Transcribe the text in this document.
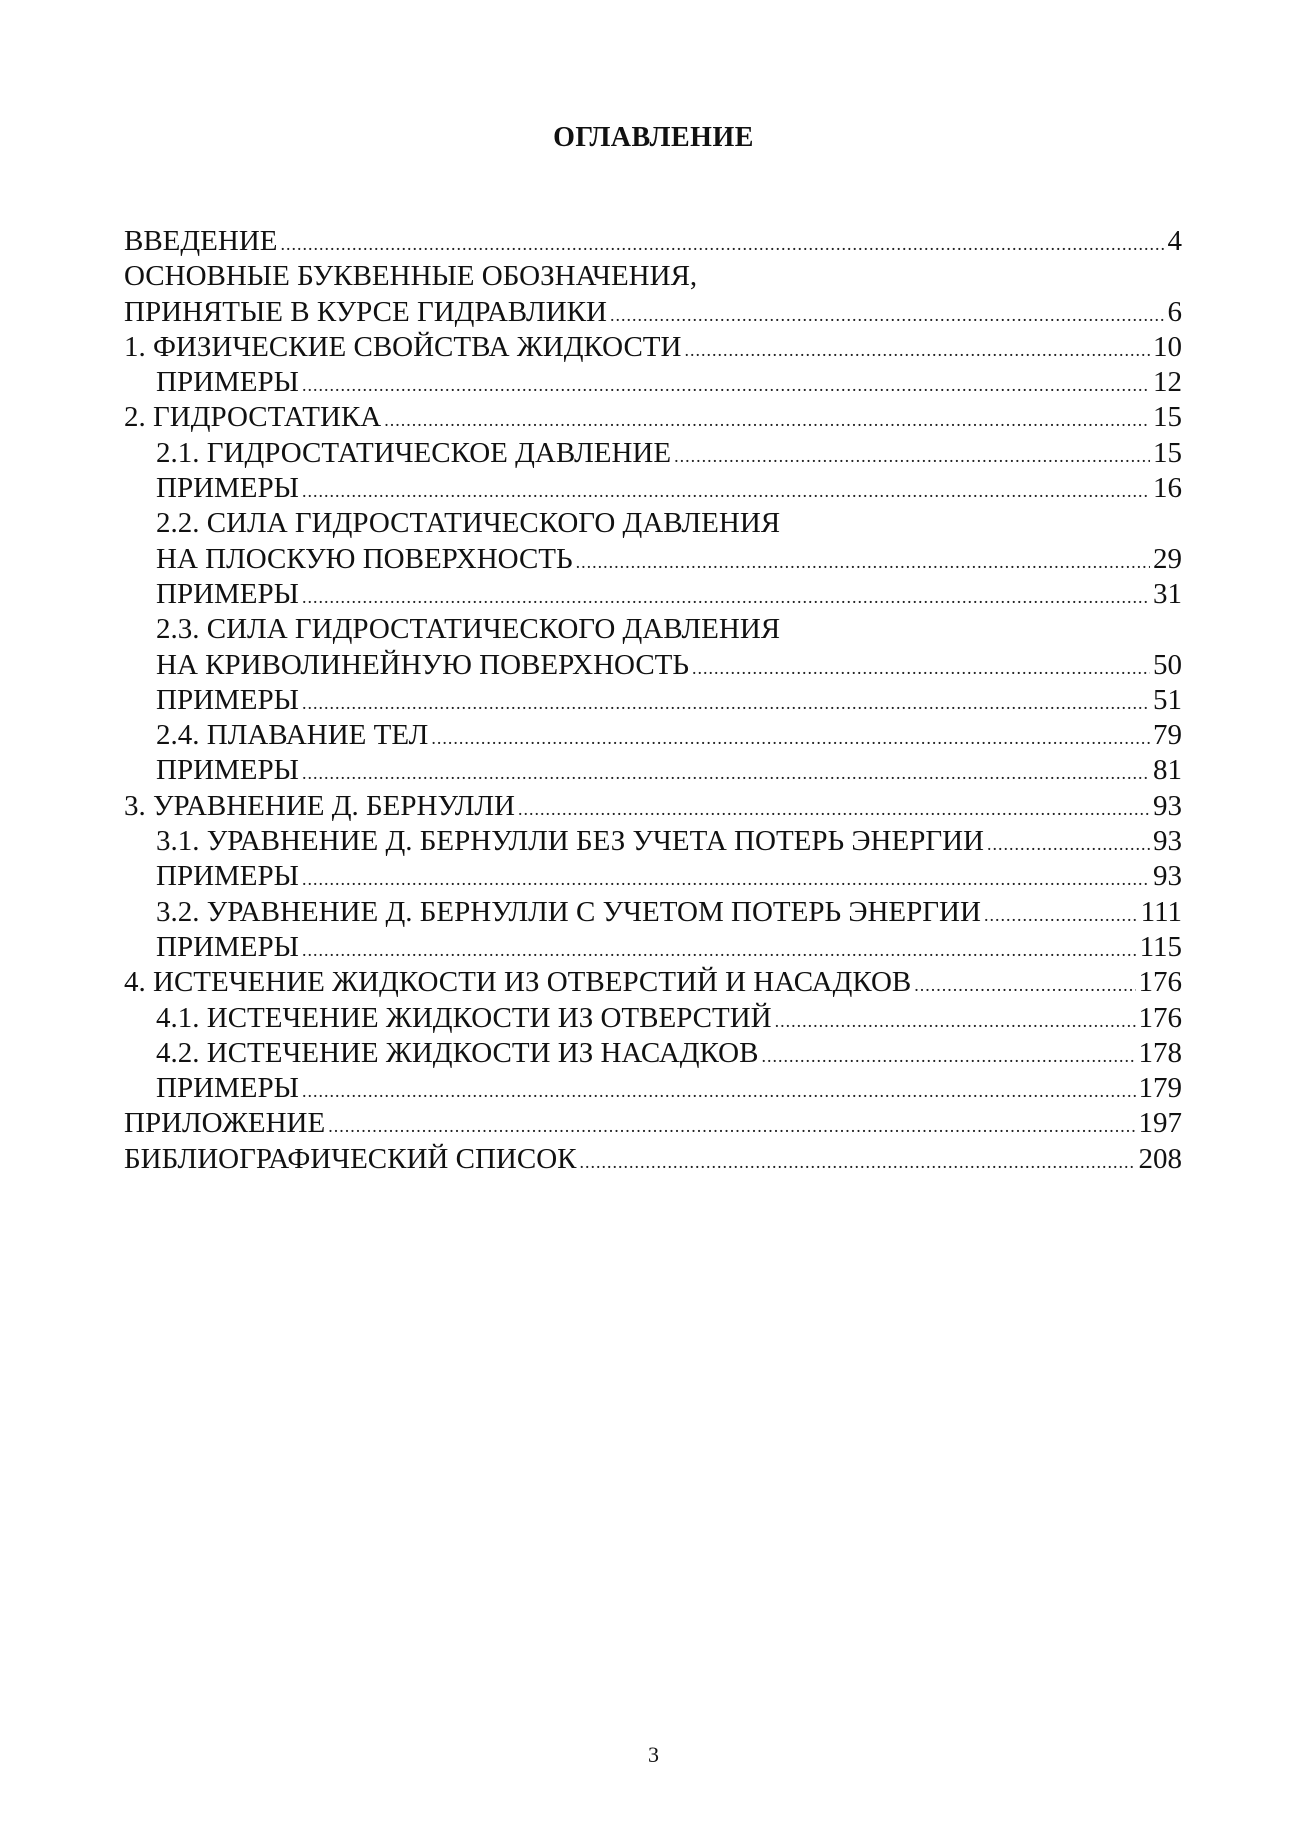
ОГЛАВЛЕНИЕ
ВВЕДЕНИЕ .....	4
ОСНОВНЫЕ БУКВЕННЫЕ ОБОЗНАЧЕНИЯ,
ПРИНЯТЫЕ В КУРСЕ ГИДРАВЛИКИ .....	6
1. ФИЗИЧЕСКИЕ СВОЙСТВА ЖИДКОСТИ .....	10
ПРИМЕРЫ .....	12
2. ГИДРОСТАТИКА .....	15
2.1. ГИДРОСТАТИЧЕСКОЕ ДАВЛЕНИЕ .....	15
ПРИМЕРЫ .....	16
2.2. СИЛА ГИДРОСТАТИЧЕСКОГО ДАВЛЕНИЯ
НА ПЛОСКУЮ ПОВЕРХНОСТЬ .....	29
ПРИМЕРЫ .....	31
2.3. СИЛА ГИДРОСТАТИЧЕСКОГО ДАВЛЕНИЯ
НА КРИВОЛИНЕЙНУЮ ПОВЕРХНОСТЬ .....	50
ПРИМЕРЫ .....	51
2.4. ПЛАВАНИЕ ТЕЛ .....	79
ПРИМЕРЫ .....	81
3. УРАВНЕНИЕ Д. БЕРНУЛЛИ .....	93
3.1. УРАВНЕНИЕ Д. БЕРНУЛЛИ БЕЗ УЧЕТА ПОТЕРЬ ЭНЕРГИИ .....	93
ПРИМЕРЫ .....	93
3.2. УРАВНЕНИЕ Д. БЕРНУЛЛИ С УЧЕТОМ ПОТЕРЬ ЭНЕРГИИ .....	111
ПРИМЕРЫ .....	115
4. ИСТЕЧЕНИЕ ЖИДКОСТИ ИЗ ОТВЕРСТИЙ И НАСАДКОВ .....	176
4.1. ИСТЕЧЕНИЕ ЖИДКОСТИ ИЗ ОТВЕРСТИЙ .....	176
4.2. ИСТЕЧЕНИЕ ЖИДКОСТИ ИЗ НАСАДКОВ .....	178
ПРИМЕРЫ .....	179
ПРИЛОЖЕНИЕ .....	197
БИБЛИОГРАФИЧЕСКИЙ СПИСОК .....	208
3
